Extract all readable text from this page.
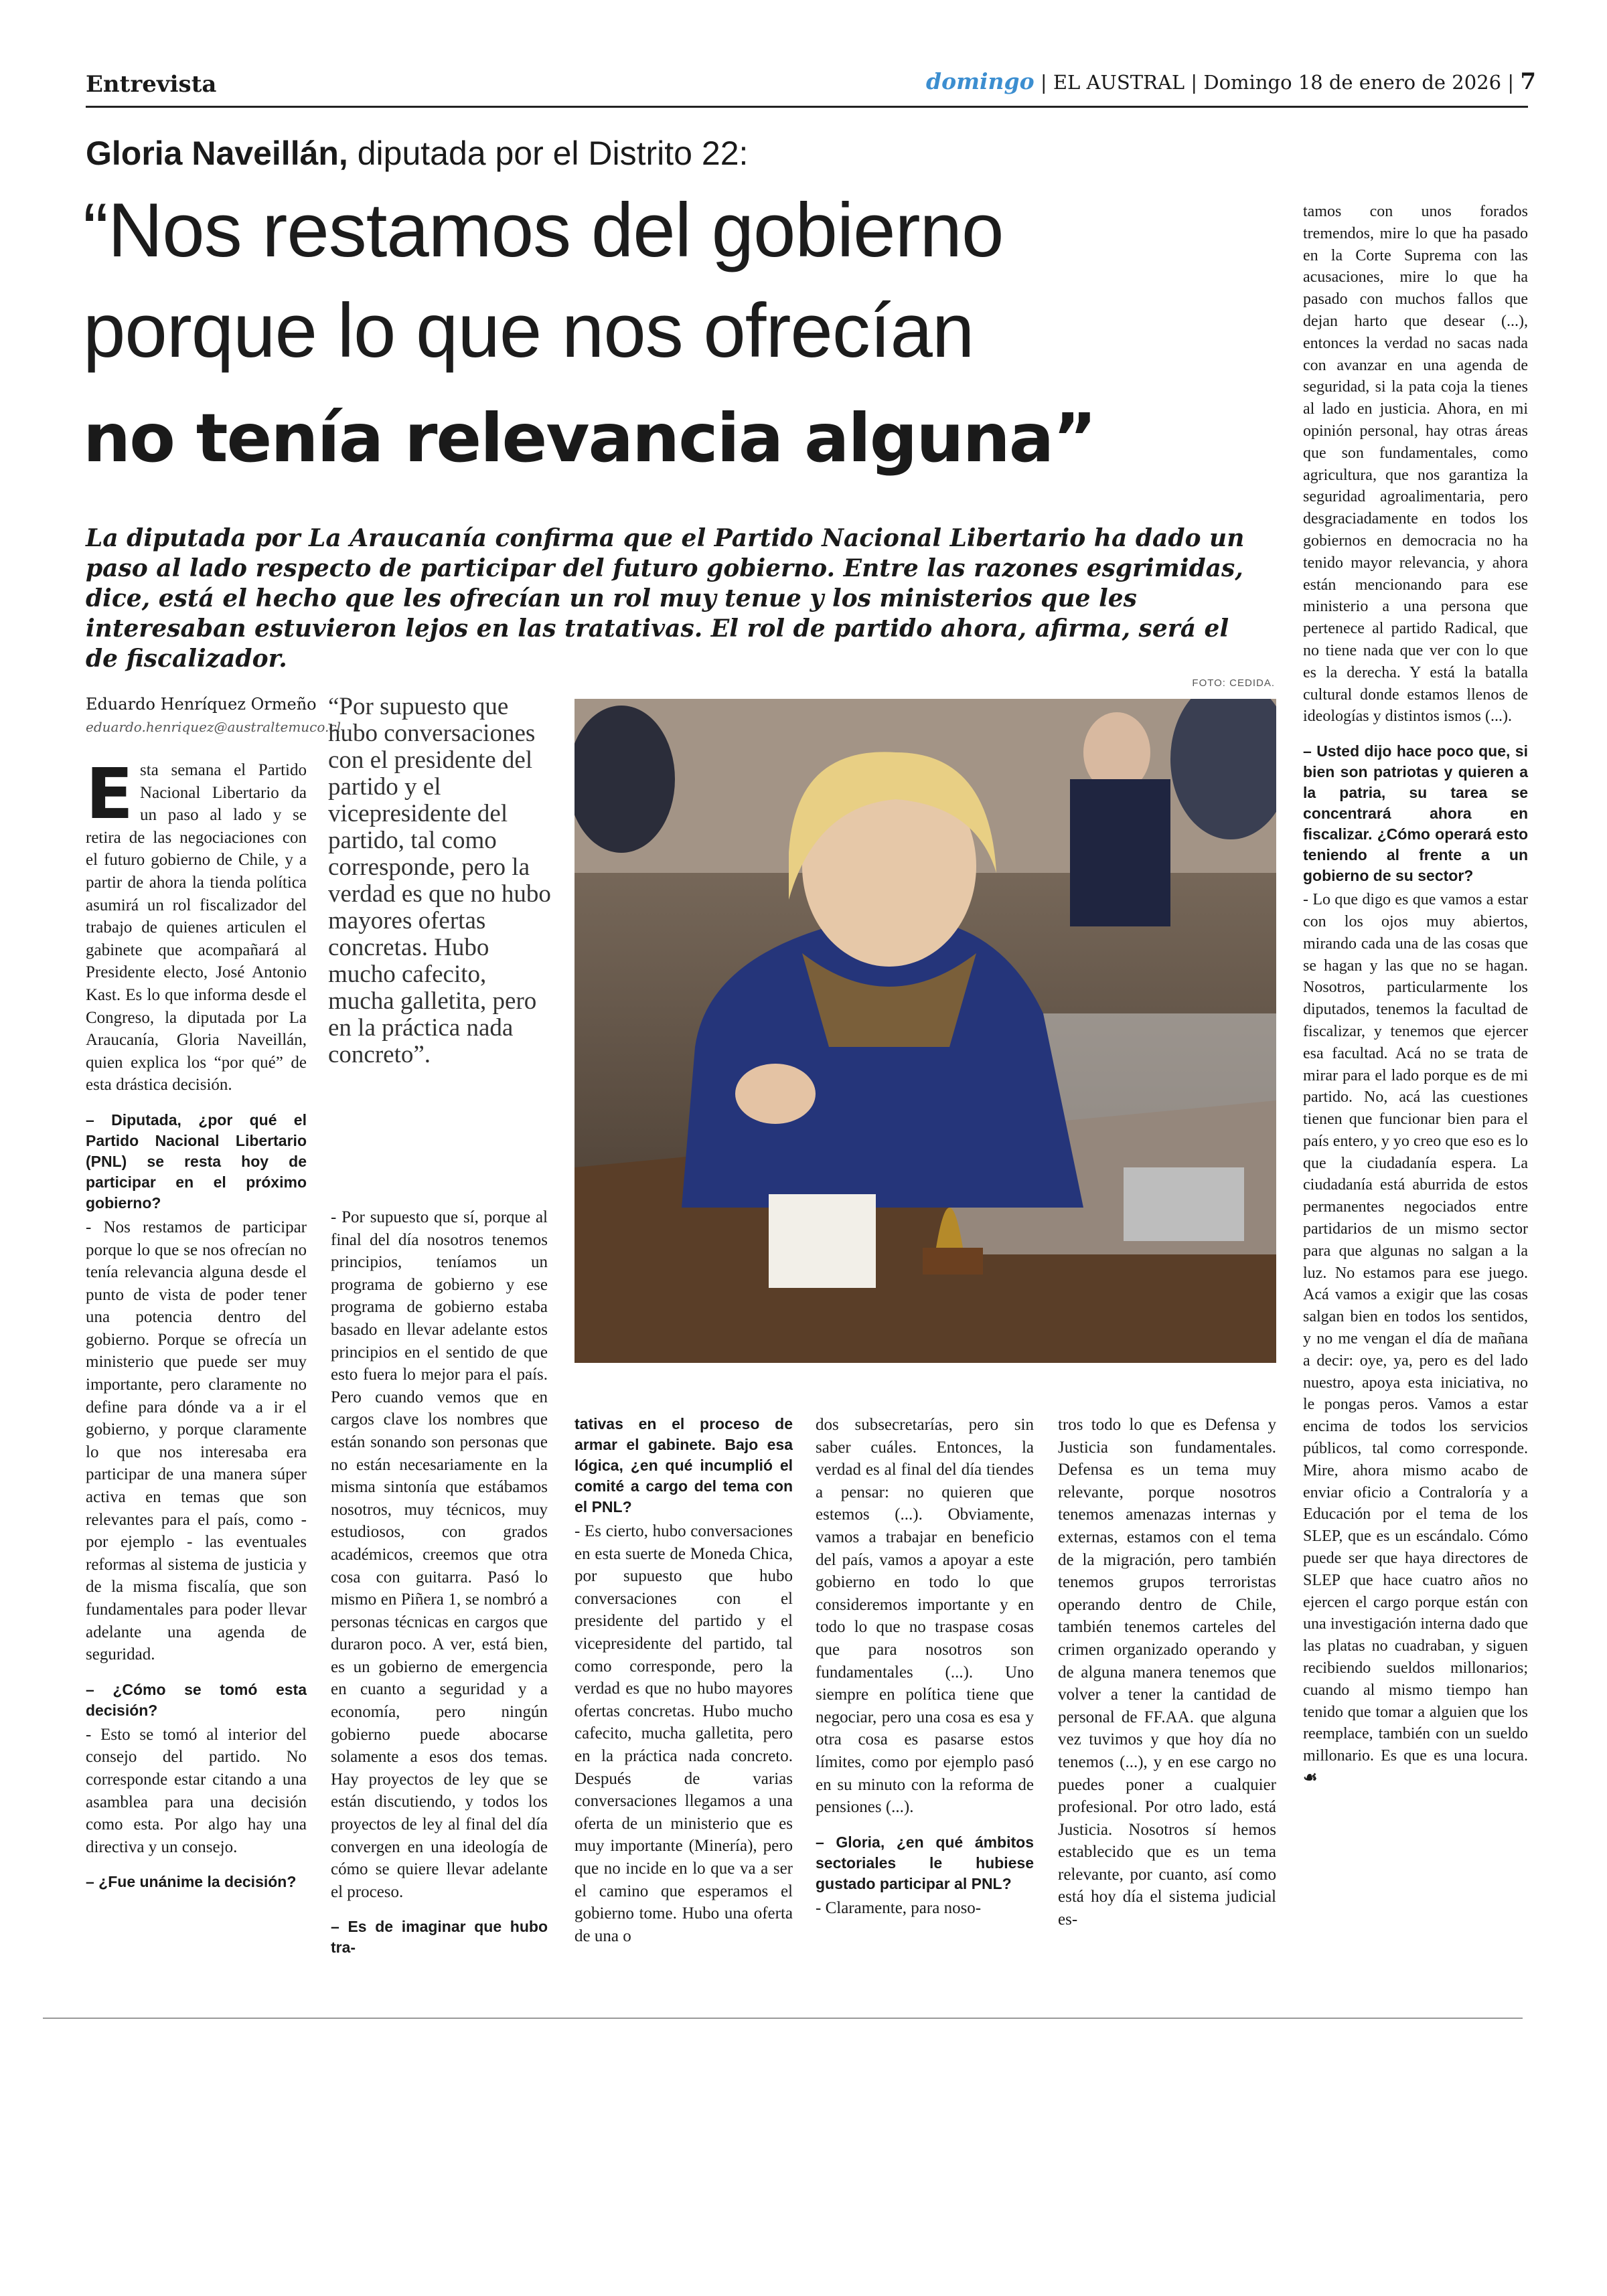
Entrevista	domingo | EL AUSTRAL | Domingo 18 de enero de 2026 | 7
Gloria Naveillán, diputada por el Distrito 22:
“Nos restamos del gobierno
porque lo que nos ofrecían
no tenía relevancia alguna”
La diputada por La Araucanía confirma que el Partido Nacional Libertario ha dado un paso al lado respecto de participar del futuro gobierno. Entre las razones esgrimidas, dice, está el hecho que les ofrecían un rol muy tenue y los ministerios que les interesaban estuvieron lejos en las tratativas. El rol de partido ahora, afirma, será el de fiscalizador.
Eduardo Henríquez Ormeño
eduardo.henriquez@australtemuco.cl
“Por supuesto que hubo conversaciones con el presidente del partido y el vicepresidente del partido, tal como corresponde, pero la verdad es que no hubo mayores ofertas concretas. Hubo mucho cafecito, mucha galletita, pero en la práctica nada concreto”.
FOTO: CEDIDA.

Esta semana el Partido Nacional Libertario da un paso al lado y se retira de las negociaciones con el futuro gobierno de Chile, y a partir de ahora la tienda política asumirá un rol fiscalizador del trabajo de quienes articulen el gabinete que acompañará al Presidente electo, José Antonio Kast. Es lo que informa desde el Congreso, la diputada por La Araucanía, Gloria Naveillán, quien explica los “por qué” de esta drástica decisión.

– Diputada, ¿por qué el Partido Nacional Libertario (PNL) se resta hoy de participar en el próximo gobierno?

- Nos restamos de participar porque lo que se nos ofrecían no tenía relevancia alguna desde el punto de vista de poder tener una potencia dentro del gobierno. Porque se ofrecía un ministerio que puede ser muy importante, pero claramente no define para dónde va a ir el gobierno, y porque claramente lo que nos interesaba era participar de una manera súper activa en temas que son relevantes para el país, como - por ejemplo - las eventuales reformas al sistema de justicia y de la misma fiscalía, que son fundamentales para poder llevar adelante una agenda de seguridad.

– ¿Cómo se tomó esta decisión?

- Esto se tomó al interior del consejo del partido. No corresponde estar citando a una asamblea para una decisión como esta. Por algo hay una directiva y un consejo.

– ¿Fue unánime la decisión?

- Por supuesto que sí, porque al final del día nosotros tenemos principios, teníamos un programa de gobierno y ese programa de gobierno estaba basado en llevar adelante estos principios en el sentido de que esto fuera lo mejor para el país. Pero cuando vemos que en cargos clave los nombres que están sonando son personas que no están necesariamente en la misma sintonía que estábamos nosotros, muy técnicos, muy estudiosos, con grados académicos, creemos que otra cosa con guitarra. Pasó lo mismo en Piñera 1, se nombró a personas técnicas en cargos que duraron poco. A ver, está bien, es un gobierno de emergencia en cuanto a seguridad y a economía, pero ningún gobierno puede abocarse solamente a esos dos temas. Hay proyectos de ley que se están discutiendo, y todos los proyectos de ley al final del día convergen en una ideología de cómo se quiere llevar adelante el proceso.

– Es de imaginar que hubo tra-

tativas en el proceso de armar el gabinete. Bajo esa lógica, ¿en qué incumplió el comité a cargo del tema con el PNL?

- Es cierto, hubo conversaciones en esta suerte de Moneda Chica, por supuesto que hubo conversaciones con el presidente del partido y el vicepresidente del partido, tal como corresponde, pero la verdad es que no hubo mayores ofertas concretas. Hubo mucho cafecito, mucha galletita, pero en la práctica nada concreto. Después de varias conversaciones llegamos a una oferta de un ministerio que es muy importante (Minería), pero que no incide en lo que va a ser el camino que esperamos el gobierno tome. Hubo una oferta de una o

dos subsecretarías, pero sin saber cuáles. Entonces, la verdad es al final del día tiendes a pensar: no quieren que estemos (...). Obviamente, vamos a trabajar en beneficio del país, vamos a apoyar a este gobierno en todo lo que consideremos importante y en todo lo que no traspase cosas que para nosotros son fundamentales (...). Uno siempre en política tiene que negociar, pero una cosa es esa y otra cosa es pasarse estos límites, como por ejemplo pasó en su minuto con la reforma de pensiones (...).

– Gloria, ¿en qué ámbitos sectoriales le hubiese gustado participar al PNL?

- Claramente, para noso-

tros todo lo que es Defensa y Justicia son fundamentales. Defensa es un tema muy relevante, porque nosotros tenemos amenazas internas y externas, estamos con el tema de la migración, pero también tenemos grupos terroristas operando dentro de Chile, también tenemos carteles del crimen organizado operando y de alguna manera tenemos que volver a tener la cantidad de personal de FF.AA. que alguna vez tuvimos y que hoy día no tenemos (...), y en ese cargo no puedes poner a cualquier profesional. Por otro lado, está Justicia. Nosotros sí hemos establecido que es un tema relevante, por cuanto, así como está hoy día el sistema judicial es-

tamos con unos forados tremendos, mire lo que ha pasado en la Corte Suprema con las acusaciones, mire lo que ha pasado con muchos fallos que dejan harto que desear (...), entonces la verdad no sacas nada con avanzar en una agenda de seguridad, si la pata coja la tienes al lado en justicia. Ahora, en mi opinión personal, hay otras áreas que son fundamentales, como agricultura, que nos garantiza la seguridad agroalimentaria, pero desgraciadamente en todos los gobiernos en democracia no ha tenido mayor relevancia, y ahora están mencionando para ese ministerio a una persona que pertenece al partido Radical, que no tiene nada que ver con lo que es la derecha. Y está la batalla cultural donde estamos llenos de ideologías y distintos ismos (...).

– Usted dijo hace poco que, si bien son patriotas y quieren a la patria, su tarea se concentrará ahora en fiscalizar. ¿Cómo operará esto teniendo al frente a un gobierno de su sector?

- Lo que digo es que vamos a estar con los ojos muy abiertos, mirando cada una de las cosas que se hagan y las que no se hagan. Nosotros, particularmente los diputados, tenemos la facultad de fiscalizar, y tenemos que ejercer esa facultad. Acá no se trata de mirar para el lado porque es de mi partido. No, acá las cuestiones tienen que funcionar bien para el país entero, y yo creo que eso es lo que la ciudadanía espera. La ciudadanía está aburrida de estos permanentes negociados entre partidarios de un mismo sector para que algunas no salgan a la luz. No estamos para ese juego. Acá vamos a exigir que las cosas salgan bien en todos los sentidos, y no me vengan el día de mañana a decir: oye, ya, pero es del lado nuestro, apoya esta iniciativa, no le pongas peros. Vamos a estar encima de todos los servicios públicos, tal como corresponde. Mire, ahora mismo acabo de enviar oficio a Contraloría y a Educación por el tema de los SLEP, que es un escándalo. Cómo puede ser que haya directores de SLEP que hace cuatro años no ejercen el cargo porque están con una investigación interna dado que las platas no cuadraban, y siguen recibiendo sueldos millonarios; cuando al mismo tiempo han tenido que tomar a alguien que los reemplace, también con un sueldo millonario. Es que es una locura. ☙
